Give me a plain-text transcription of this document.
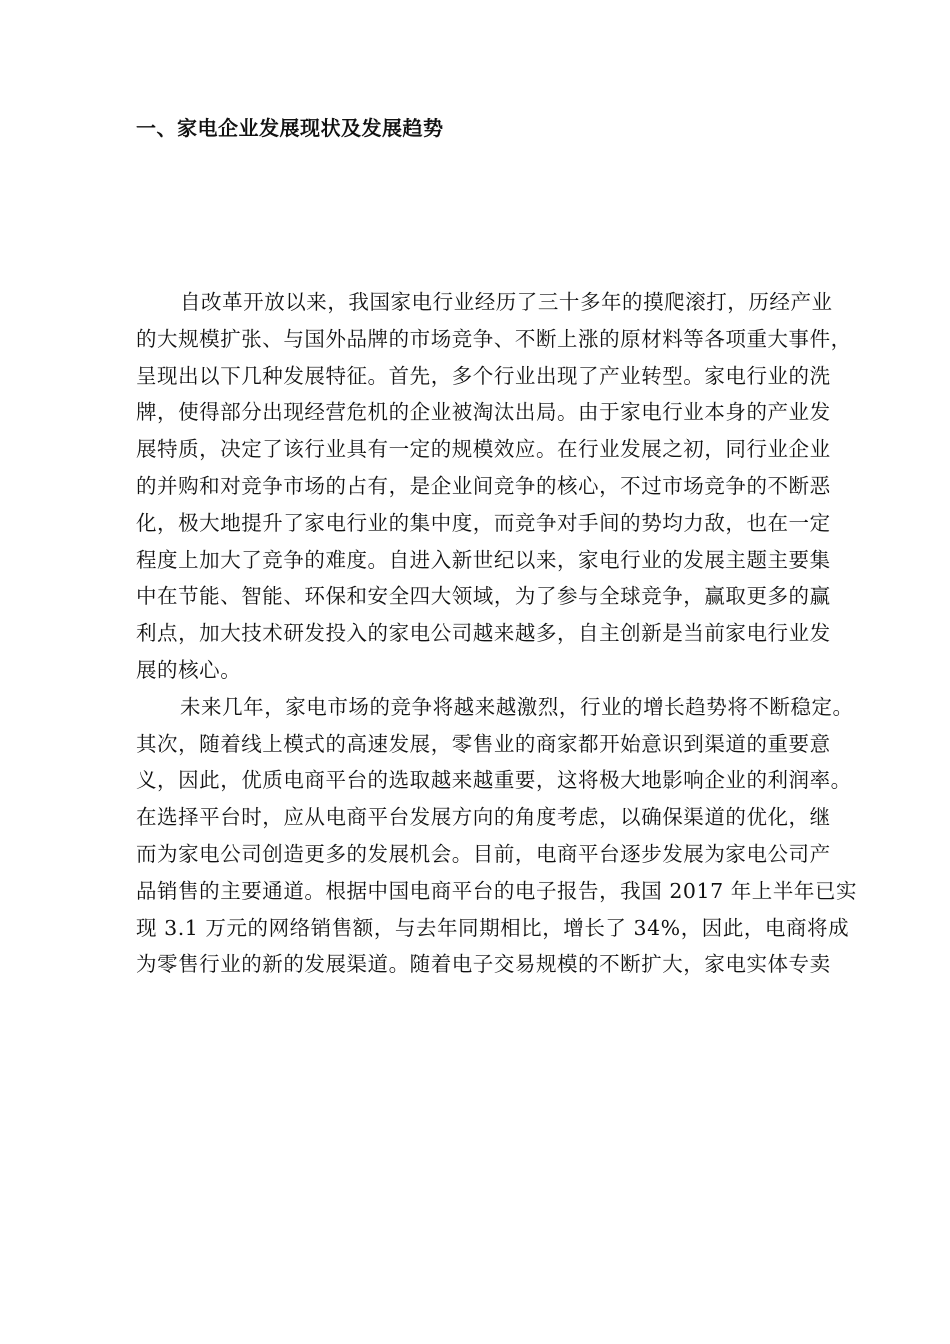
一、家电企业发展现状及发展趋势
自改革开放以来，我国家电行业经历了三十多年的摸爬滚打，历经产业
的大规模扩张、与国外品牌的市场竞争、不断上涨的原材料等各项重大事件，
呈现出以下几种发展特征。首先，多个行业出现了产业转型。家电行业的洗
牌，使得部分出现经营危机的企业被淘汰出局。由于家电行业本身的产业发
展特质，决定了该行业具有一定的规模效应。在行业发展之初，同行业企业
的并购和对竞争市场的占有，是企业间竞争的核心，不过市场竞争的不断恶
化，极大地提升了家电行业的集中度，而竞争对手间的势均力敌，也在一定
程度上加大了竞争的难度。自进入新世纪以来，家电行业的发展主题主要集
中在节能、智能、环保和安全四大领域，为了参与全球竞争，赢取更多的赢
利点，加大技术研发投入的家电公司越来越多，自主创新是当前家电行业发
展的核心。
未来几年，家电市场的竞争将越来越激烈，行业的增长趋势将不断稳定。
其次，随着线上模式的高速发展，零售业的商家都开始意识到渠道的重要意
义，因此，优质电商平台的选取越来越重要，这将极大地影响企业的利润率。
在选择平台时，应从电商平台发展方向的角度考虑，以确保渠道的优化，继
而为家电公司创造更多的发展机会。目前，电商平台逐步发展为家电公司产
品销售的主要通道。根据中国电商平台的电子报告，我国 2017 年上半年已实
现 3.1 万元的网络销售额，与去年同期相比，增长了 34%，因此，电商将成
为零售行业的新的发展渠道。随着电子交易规模的不断扩大，家电实体专卖
